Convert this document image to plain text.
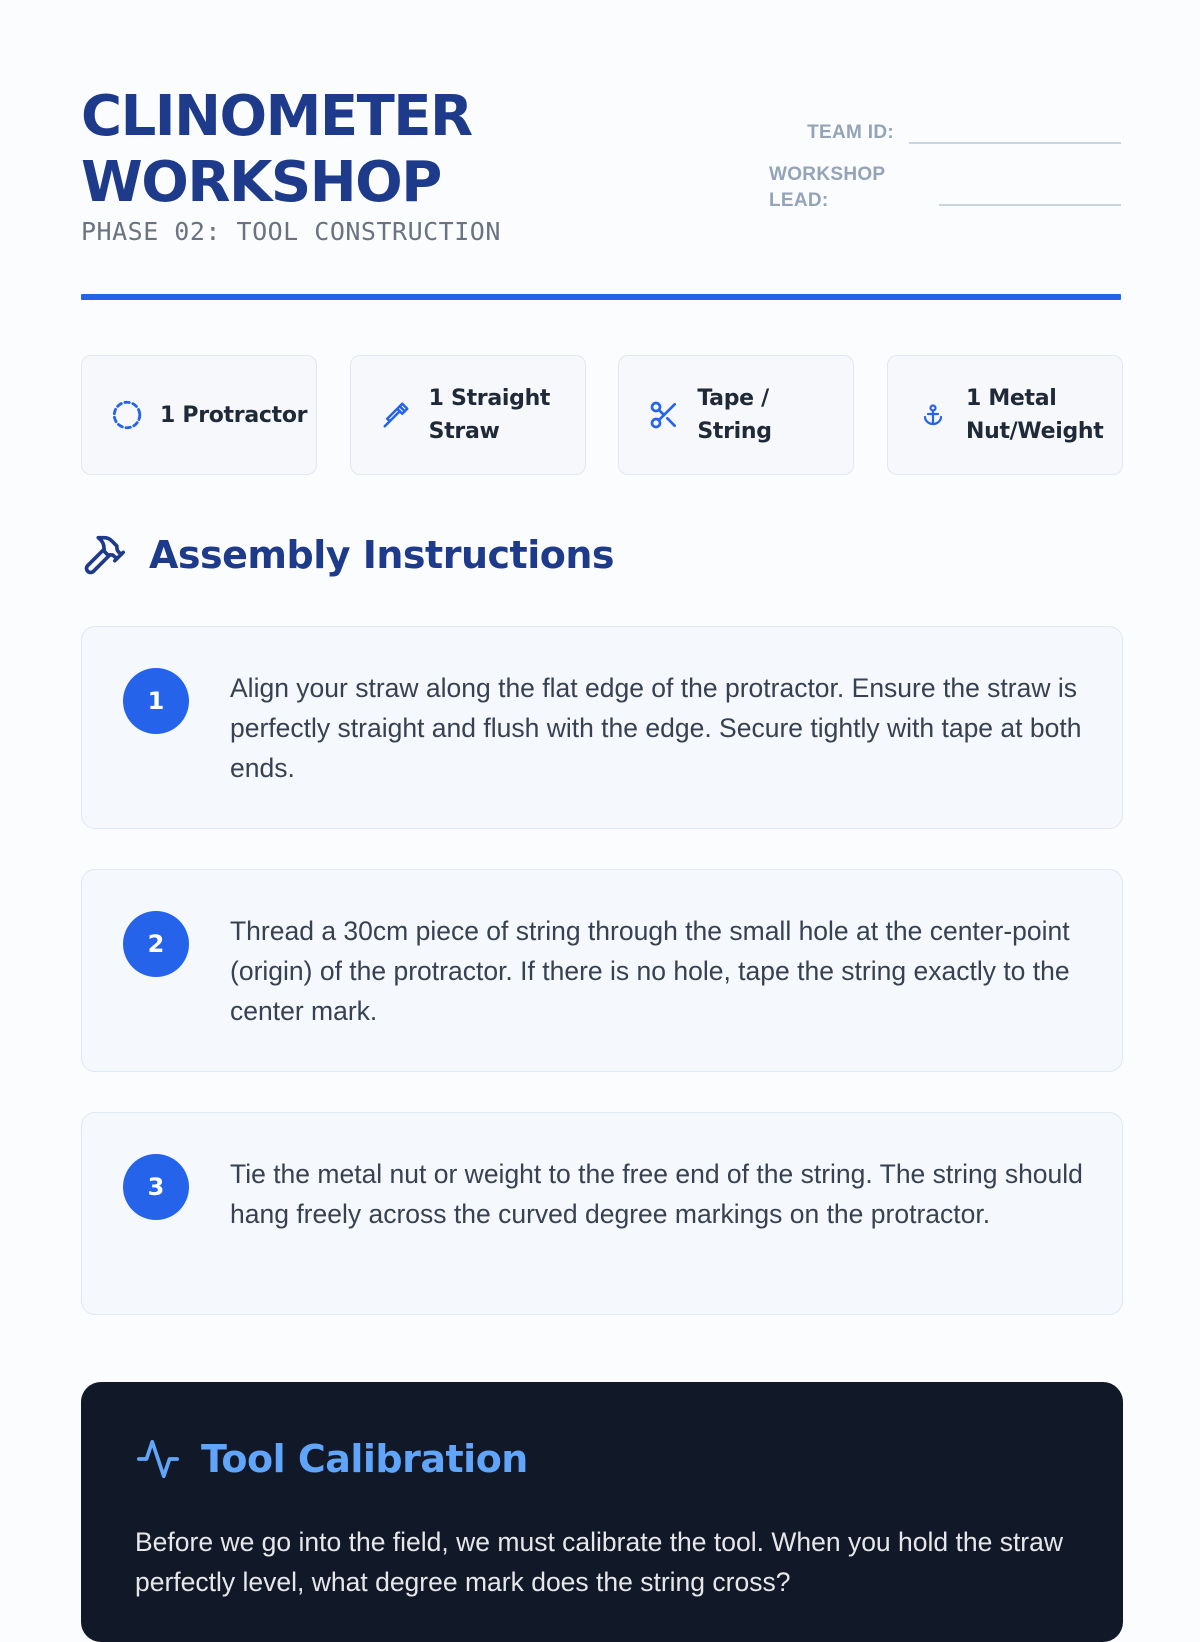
CLINOMETER WORKSHOP
PHASE 02: TOOL CONSTRUCTION
TEAM ID:
WORKSHOP LEAD:
1 Protractor
1 Straight Straw
Tape / String
1 Metal Nut/Weight
Assembly Instructions
1	Align your straw along the flat edge of the protractor. Ensure the straw is perfectly straight and flush with the edge. Secure tightly with tape at both ends.
2	Thread a 30cm piece of string through the small hole at the center-point (origin) of the protractor. If there is no hole, tape the string exactly to the center mark.
3	Tie the metal nut or weight to the free end of the string. The string should hang freely across the curved degree markings on the protractor.
Tool Calibration
Before we go into the field, we must calibrate the tool. When you hold the straw perfectly level, what degree mark does the string cross?
